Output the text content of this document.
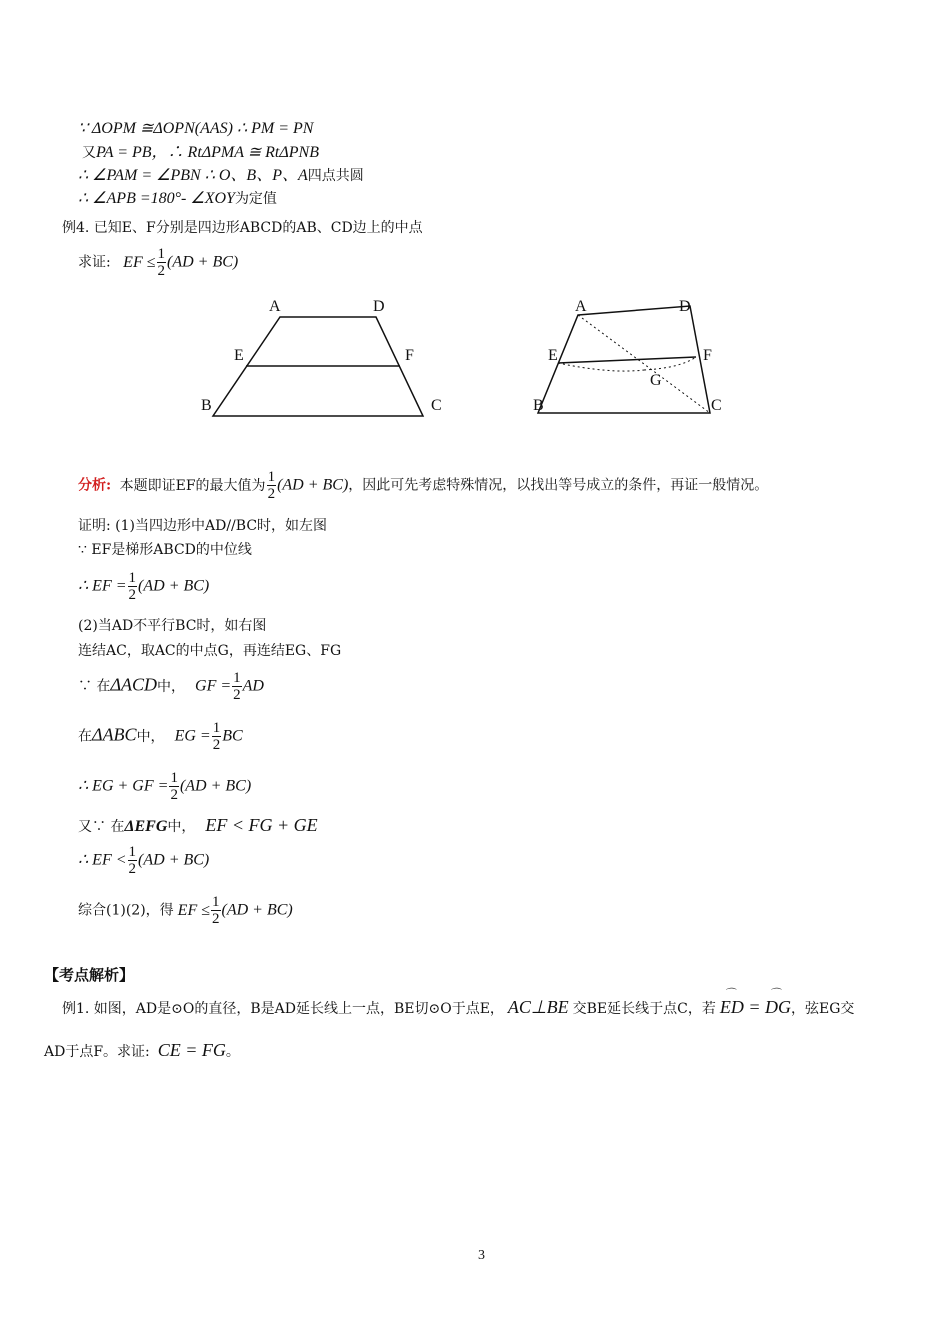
∵ ΔOPM ≅ΔOPN(AAS) ∴ PM = PN
又PA = PB，∴ RtΔPMA ≅ RtΔPNB
∴ ∠PAM = ∠PBN ∴ O、B、P、A四点共圆
∴ ∠APB =180°- ∠XOY为定值
例4. 已知E、F分别是四边形ABCD的AB、CD边上的中点
求证: EF ≤ $\frac{1}{2} (AD + BC)$
A	D
E	F
B	C
A	D
E	F
G
B	C
分析: 本题即证EF的最大值为 $\frac{1}{2} (AD + BC)$，因此可先考虑特殊情况，以找出等号成立的条件，再证一般情况。
证明: (1)当四边形中AD//BC时，如左图
∵ EF是梯形ABCD的中位线
∴ EF = $\frac{1}{2} (AD + BC)$
(2)当AD不平行BC时，如右图
连结AC，取AC的中点G，再连结EG、FG
∵ 在ΔACD中， GF = $\frac{1}{2}$ AD
在ΔABC中， EG = $\frac{1}{2}$ BC
∴ EG + GF = $\frac{1}{2} (AD + BC)$
又∵ 在ΔEFG中， EF < FG + GE
∴ EF < $\frac{1}{2} (AD + BC)$
综合(1)(2)，得 EF ≤ $\frac{1}{2} (AD + BC)$
【考点解析】
例1. 如图，AD是⊙O的直径，B是AD延长线上一点，BE切⊙O于点E， AC⊥BE 交BE延长线于点C，若 ⌒ ED = ⌒ DG，弦EG交
AD于点F。求证: CE = FG。
3
